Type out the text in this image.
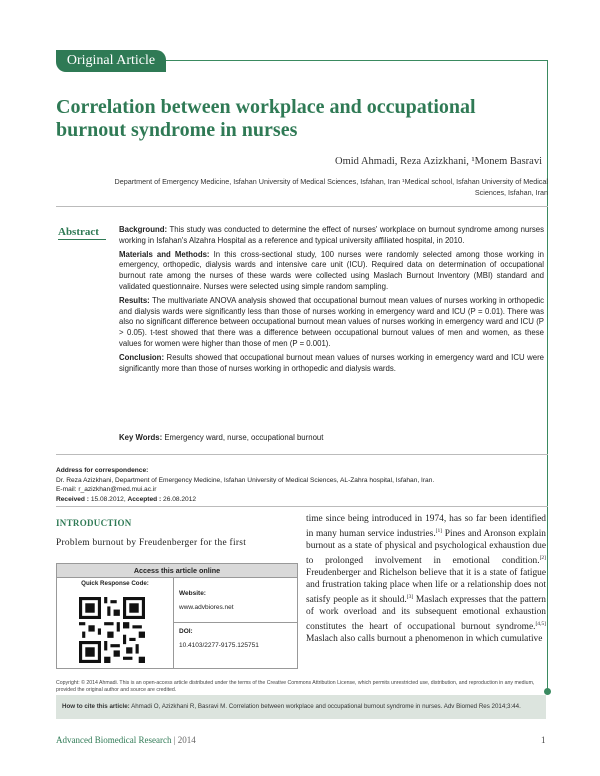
Original Article
Correlation between workplace and occupational burnout syndrome in nurses
Omid Ahmadi, Reza Azizkhani, ¹Monem Basravi
Department of Emergency Medicine, Isfahan University of Medical Sciences, Isfahan, Iran ¹Medical school, Isfahan University of Medical
Sciences, Isfahan, Iran
Abstract	Background: This study was conducted to determine the effect of nurses' workplace on burnout syndrome among nurses working in Isfahan's Alzahra Hospital as a reference and typical university affiliated hospital, in 2010.

Materials and Methods: In this cross-sectional study, 100 nurses were randomly selected among those working in emergency, orthopedic, dialysis wards and intensive care unit (ICU). Required data on determination of occupational burnout rate among the nurses of these wards were collected using Maslach Burnout Inventory (MBI) standard and validated questionnaire. Nurses were selected using simple random sampling.

Results: The multivariate ANOVA analysis showed that occupational burnout mean values of nurses working in orthopedic and dialysis wards were significantly less than those of nurses working in emergency ward and ICU (P = 0.01). There was also no significant difference between occupational burnout mean values of nurses working in emergency ward and ICU (P > 0.05). t-test showed that there was a difference between occupational burnout values of men and women, as these values for women were higher than those of men (P = 0.001).

Conclusion: Results showed that occupational burnout mean values of nurses working in emergency ward and ICU were significantly more than those of nurses working in orthopedic and dialysis wards.

Key Words: Emergency ward, nurse, occupational burnout
Address for correspondence:
Dr. Reza Azizkhani, Department of Emergency Medicine, Isfahan University of Medical Sciences, AL-Zahra hospital, Isfahan, Iran.
E-mail: r_azizkhan@med.mui.ac.ir
Received : 15.08.2012, Accepted : 26.08.2012
INTRODUCTION
Problem burnout by Freudenberger for the first
Access this article online
Quick Response Code:
Website:
www.advbiores.net
DOI:
10.4103/2277-9175.125751
time since being introduced in 1974, has so far been identified in many human service industries.[1] Pines and Aronson explain burnout as a state of physical and psychological exhaustion due to prolonged involvement in emotional condition.[2] Freudenberger and Richelson believe that it is a state of fatigue and frustration taking place when life or a relationship does not satisfy people as it should.[3] Maslach expresses that the pattern of work overload and its subsequent emotional exhaustion constitutes the heart of occupational burnout syndrome.[4,5] Maslach also calls burnout a phenomenon in which cumulative
Copyright: © 2014 Ahmadi. This is an open-access article distributed under the terms of the Creative Commons Attribution License, which permits unrestricted use, distribution, and reproduction in any medium, provided the original author and source are credited.
How to cite this article: Ahmadi O, Azizkhani R, Basravi M. Correlation between workplace and occupational burnout syndrome in nurses. Adv Biomed Res 2014;3:44.
Advanced Biomedical Research | 2014	1
